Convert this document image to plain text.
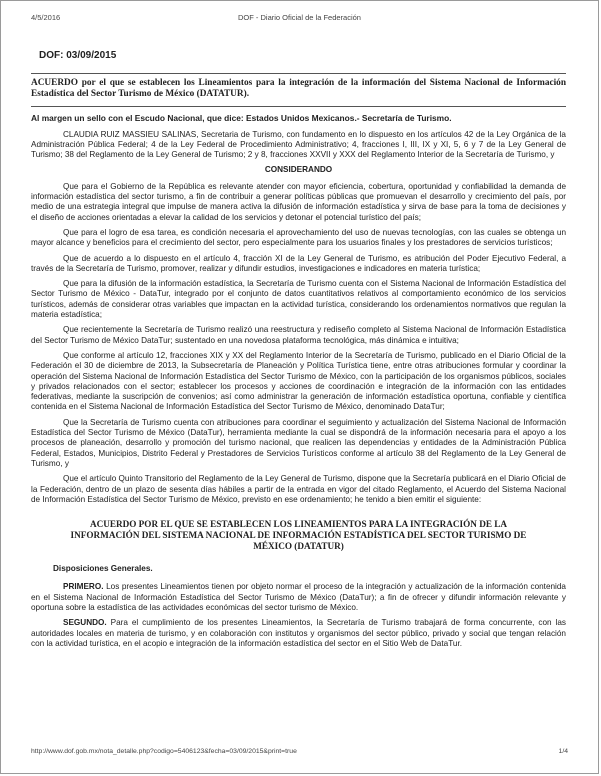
4/5/2016	DOF - Diario Oficial de la Federación
DOF: 03/09/2015
ACUERDO por el que se establecen los Lineamientos para la integración de la información del Sistema Nacional de Información Estadística del Sector Turismo de México (DATATUR).
Al margen un sello con el Escudo Nacional, que dice: Estados Unidos Mexicanos.- Secretaría de Turismo.

CLAUDIA RUIZ MASSIEU SALINAS, Secretaria de Turismo, con fundamento en lo dispuesto en los artículos 42 de la Ley Orgánica de la Administración Pública Federal; 4 de la Ley Federal de Procedimiento Administrativo; 4, fracciones I, III, IX y XI, 5, 6 y 7 de la Ley General de Turismo; 38 del Reglamento de la Ley General de Turismo; 2 y 8, fracciones XXVII y XXX del Reglamento Interior de la Secretaría de Turismo, y

CONSIDERANDO

Que para el Gobierno de la República es relevante atender con mayor eficiencia, cobertura, oportunidad y confiabilidad la demanda de información estadística del sector turismo, a fin de contribuir a generar políticas públicas que promuevan el desarrollo y crecimiento del país, por medio de una estrategia integral que impulse de manera activa la difusión de información estadística y sirva de base para la toma de decisiones y el diseño de acciones orientadas a elevar la calidad de los servicios y detonar el potencial turístico del país;

Que para el logro de esa tarea, es condición necesaria el aprovechamiento del uso de nuevas tecnologías, con las cuales se obtenga un mayor alcance y beneficios para el crecimiento del sector, pero especialmente para los usuarios finales y los prestadores de servicios turísticos;

Que de acuerdo a lo dispuesto en el artículo 4, fracción XI de la Ley General de Turismo, es atribución del Poder Ejecutivo Federal, a través de la Secretaría de Turismo, promover, realizar y difundir estudios, investigaciones e indicadores en materia turística;

Que para la difusión de la información estadística, la Secretaría de Turismo cuenta con el Sistema Nacional de Información Estadística del Sector Turismo de México - DataTur, integrado por el conjunto de datos cuantitativos relativos al comportamiento económico de los servicios turísticos, además de considerar otras variables que impactan en la actividad turística, considerando los ordenamientos normativos que regulan la materia estadística;

Que recientemente la Secretaría de Turismo realizó una reestructura y rediseño completo al Sistema Nacional de Información Estadística del Sector Turismo de México DataTur; sustentado en una novedosa plataforma tecnológica, más dinámica e intuitiva;

Que conforme al artículo 12, fracciones XIX y XX del Reglamento Interior de la Secretaría de Turismo, publicado en el Diario Oficial de la Federación el 30 de diciembre de 2013, la Subsecretaría de Planeación y Política Turística tiene, entre otras atribuciones formular y coordinar la operación del Sistema Nacional de Información Estadística del Sector Turismo de México, con la participación de los organismos públicos, sociales y privados relacionados con el sector; establecer los procesos y acciones de coordinación e integración de la información con las entidades federativas, mediante la suscripción de convenios; así como administrar la generación de información estadística oportuna, confiable y científica contenida en el Sistema Nacional de Información Estadística del Sector Turismo de México, denominado DataTur;

Que la Secretaría de Turismo cuenta con atribuciones para coordinar el seguimiento y actualización del Sistema Nacional de Información Estadística del Sector Turismo de México (DataTur), herramienta mediante la cual se dispondrá de la información necesaria para el apoyo a los procesos de planeación, desarrollo y promoción del turismo nacional, que realicen las dependencias y entidades de la Administración Pública Federal, Estados, Municipios, Distrito Federal y Prestadores de Servicios Turísticos conforme al artículo 38 del Reglamento de la Ley General de Turismo, y

Que el artículo Quinto Transitorio del Reglamento de la Ley General de Turismo, dispone que la Secretaría publicará en el Diario Oficial de la Federación, dentro de un plazo de sesenta días hábiles a partir de la entrada en vigor del citado Reglamento, el Acuerdo del Sistema Nacional de Información Estadística del Sector Turismo de México, previsto en ese ordenamiento; he tenido a bien emitir el siguiente:

ACUERDO POR EL QUE SE ESTABLECEN LOS LINEAMIENTOS PARA LA INTEGRACIÓN DE LA INFORMACIÓN DEL SISTEMA NACIONAL DE INFORMACIÓN ESTADÍSTICA DEL SECTOR TURISMO DE MÉXICO (DATATUR)
Disposiciones Generales.

PRIMERO. Los presentes Lineamientos tienen por objeto normar el proceso de la integración y actualización de la información contenida en el Sistema Nacional de Información Estadística del Sector Turismo de México (DataTur); a fin de ofrecer y difundir información relevante y oportuna sobre la estadística de las actividades económicas del sector turismo de México.

SEGUNDO. Para el cumplimiento de los presentes Lineamientos, la Secretaría de Turismo trabajará de forma concurrente, con las autoridades locales en materia de turismo, y en colaboración con institutos y organismos del sector público, privado y social que tengan relación con la actividad turística, en el acopio e integración de la información estadística del sector en el Sitio Web de DataTur.

http://www.dof.gob.mx/nota_detalle.php?codigo=5406123&fecha=03/09/2015&print=true	1/4
